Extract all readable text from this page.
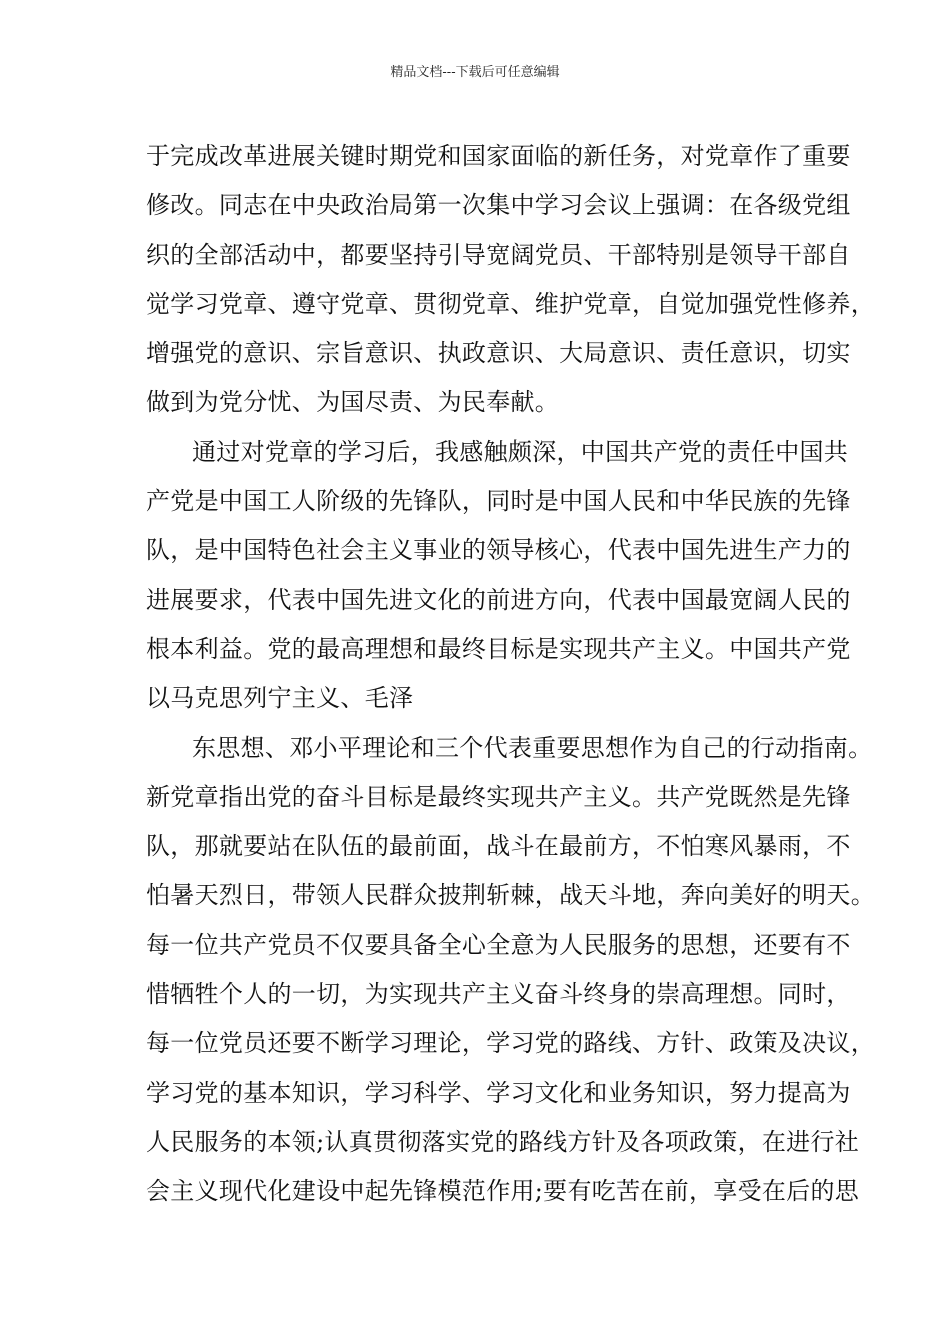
精品文档---下载后可任意编辑
于完成改革进展关键时期党和国家面临的新任务，对党章作了重要
修改。同志在中央政治局第一次集中学习会议上强调：在各级党组
织的全部活动中，都要坚持引导宽阔党员、干部特别是领导干部自
觉学习党章、遵守党章、贯彻党章、维护党章，自觉加强党性修养，
增强党的意识、宗旨意识、执政意识、大局意识、责任意识，切实
做到为党分忧、为国尽责、为民奉献。
通过对党章的学习后，我感触颇深，中国共产党的责任中国共
产党是中国工人阶级的先锋队，同时是中国人民和中华民族的先锋
队，是中国特色社会主义事业的领导核心，代表中国先进生产力的
进展要求，代表中国先进文化的前进方向，代表中国最宽阔人民的
根本利益。党的最高理想和最终目标是实现共产主义。中国共产党
以马克思列宁主义、毛泽
东思想、邓小平理论和三个代表重要思想作为自己的行动指南。
新党章指出党的奋斗目标是最终实现共产主义。共产党既然是先锋
队，那就要站在队伍的最前面，战斗在最前方，不怕寒风暴雨，不
怕暑天烈日，带领人民群众披荆斩棘，战天斗地，奔向美好的明天。
每一位共产党员不仅要具备全心全意为人民服务的思想，还要有不
惜牺牲个人的一切，为实现共产主义奋斗终身的崇高理想。同时，
每一位党员还要不断学习理论，学习党的路线、方针、政策及决议，
学习党的基本知识，学习科学、学习文化和业务知识，努力提高为
人民服务的本领;认真贯彻落实党的路线方针及各项政策，在进行社
会主义现代化建设中起先锋模范作用;要有吃苦在前，享受在后的思
